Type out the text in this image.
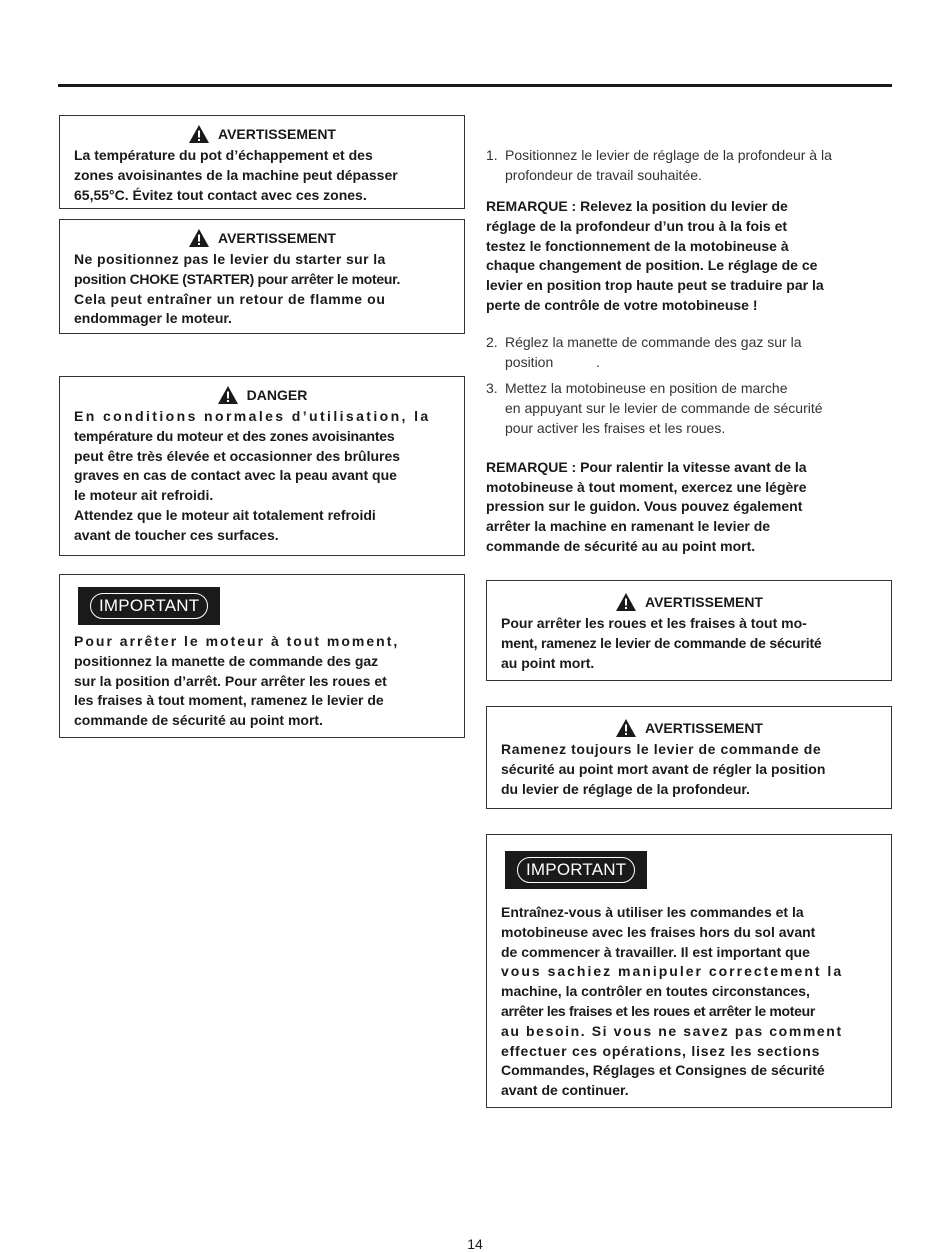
AVERTISSEMENT

La température du pot d’échappement et des

zones avoisinantes de la machine peut dépasser

65,55°C. Évitez tout contact avec ces zones.

AVERTISSEMENT

Ne positionnez pas le levier du starter sur la

position CHOKE (STARTER) pour arrêter le moteur.

Cela peut entraîner un retour de flamme ou

endommager le moteur.

DANGER

En conditions normales d’utilisation, la

température du moteur et des zones avoisinantes

peut être très élevée et occasionner des brûlures

graves en cas de contact avec la peau avant que

le moteur ait refroidi.

Attendez que le moteur ait totalement refroidi

avant de toucher ces surfaces.

IMPORTANT

Pour arrêter le moteur à tout moment,

positionnez la manette de commande des gaz

sur la position d’arrêt. Pour arrêter les roues et

les fraises à tout moment, ramenez le levier de

commande de sécurité au point mort.

1. Positionnez le levier de réglage de la profondeur à la
profondeur de travail souhaitée.
REMARQUE : Relevez la position du levier de
réglage de la profondeur d’un trou à la fois et
testez le fonctionnement de la motobineuse à
chaque changement de position. Le réglage de ce
levier en position trop haute peut se traduire par la
perte de contrôle de votre motobineuse !
2. Réglez la manette de commande des gaz sur la
position           .
3. Mettez la motobineuse en position de marche
en appuyant sur le levier de commande de sécurité
pour activer les fraises et les roues.
REMARQUE : Pour ralentir la vitesse avant de la
motobineuse à tout moment, exercez une légère
pression sur le guidon. Vous pouvez également
arrêter la machine en ramenant le levier de
commande de sécurité au au point mort.
AVERTISSEMENT

Pour arrêter les roues et les fraises à tout mo-

ment, ramenez le levier de commande de sécurité

au point mort.

AVERTISSEMENT

Ramenez toujours le levier de commande de

sécurité au point mort avant de régler la position

du levier de réglage de la profondeur.

IMPORTANT

Entraînez-vous à utiliser les commandes et la

motobineuse avec les fraises hors du sol avant

de commencer à travailler. Il est important que

vous sachiez manipuler correctement la

machine, la contrôler en toutes circonstances,

arrêter les fraises et les roues et arrêter le moteur

au besoin. Si vous ne savez pas comment

effectuer ces opérations, lisez les sections

Commandes, Réglages et Consignes de sécurité

avant de continuer.

14
